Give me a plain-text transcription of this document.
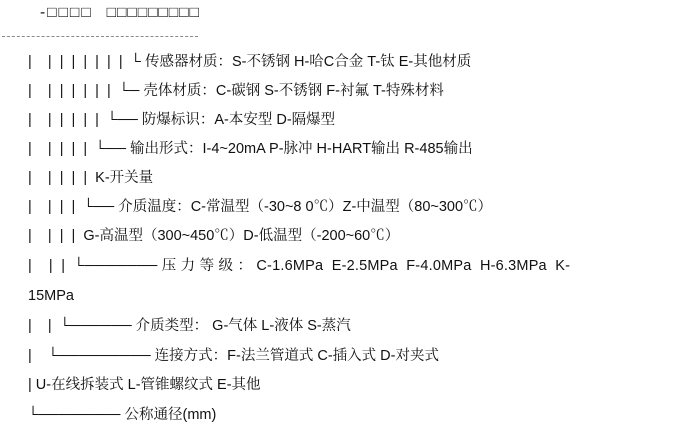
-□□□□ □□□□□□□□□
|    |  |  |  |  |  |  |  └ 传感器材质：S-不锈钢 H-哈C合金 T-钛 E-其他材质
|    |  |  |  |  |  |  └─ 壳体材质：C-碳钢 S-不锈钢 F-衬氟 T-特殊材料
|    |  |  |  |  |  └── 防爆标识：A-本安型 D-隔爆型
|    |  |  |  |  └── 输出形式：I-4~20mA P-脉冲 H-HART输出 R-485输出
|    |  |  |  |  K-开关量
|    |  |  |  └── 介质温度：C-常温型（-30~8 0℃）Z-中温型（80~300℃）
|    |  |  |  G-高温型（300~450℃）D-低温型（-200~60℃）
|    |  |  └─────── 压 力 等 级 ： C-1.6MPa  E-2.5MPa  F-4.0MPa  H-6.3MPa  K-
15MPa
|    |  └────── 介质类型： G-气体 L-液体 S-蒸汽
|    └───────── 连接方式：F-法兰管道式 C-插入式 D-对夹式
| U-在线拆装式 L-管锥螺纹式 E-其他
└──────── 公称通径(mm)
